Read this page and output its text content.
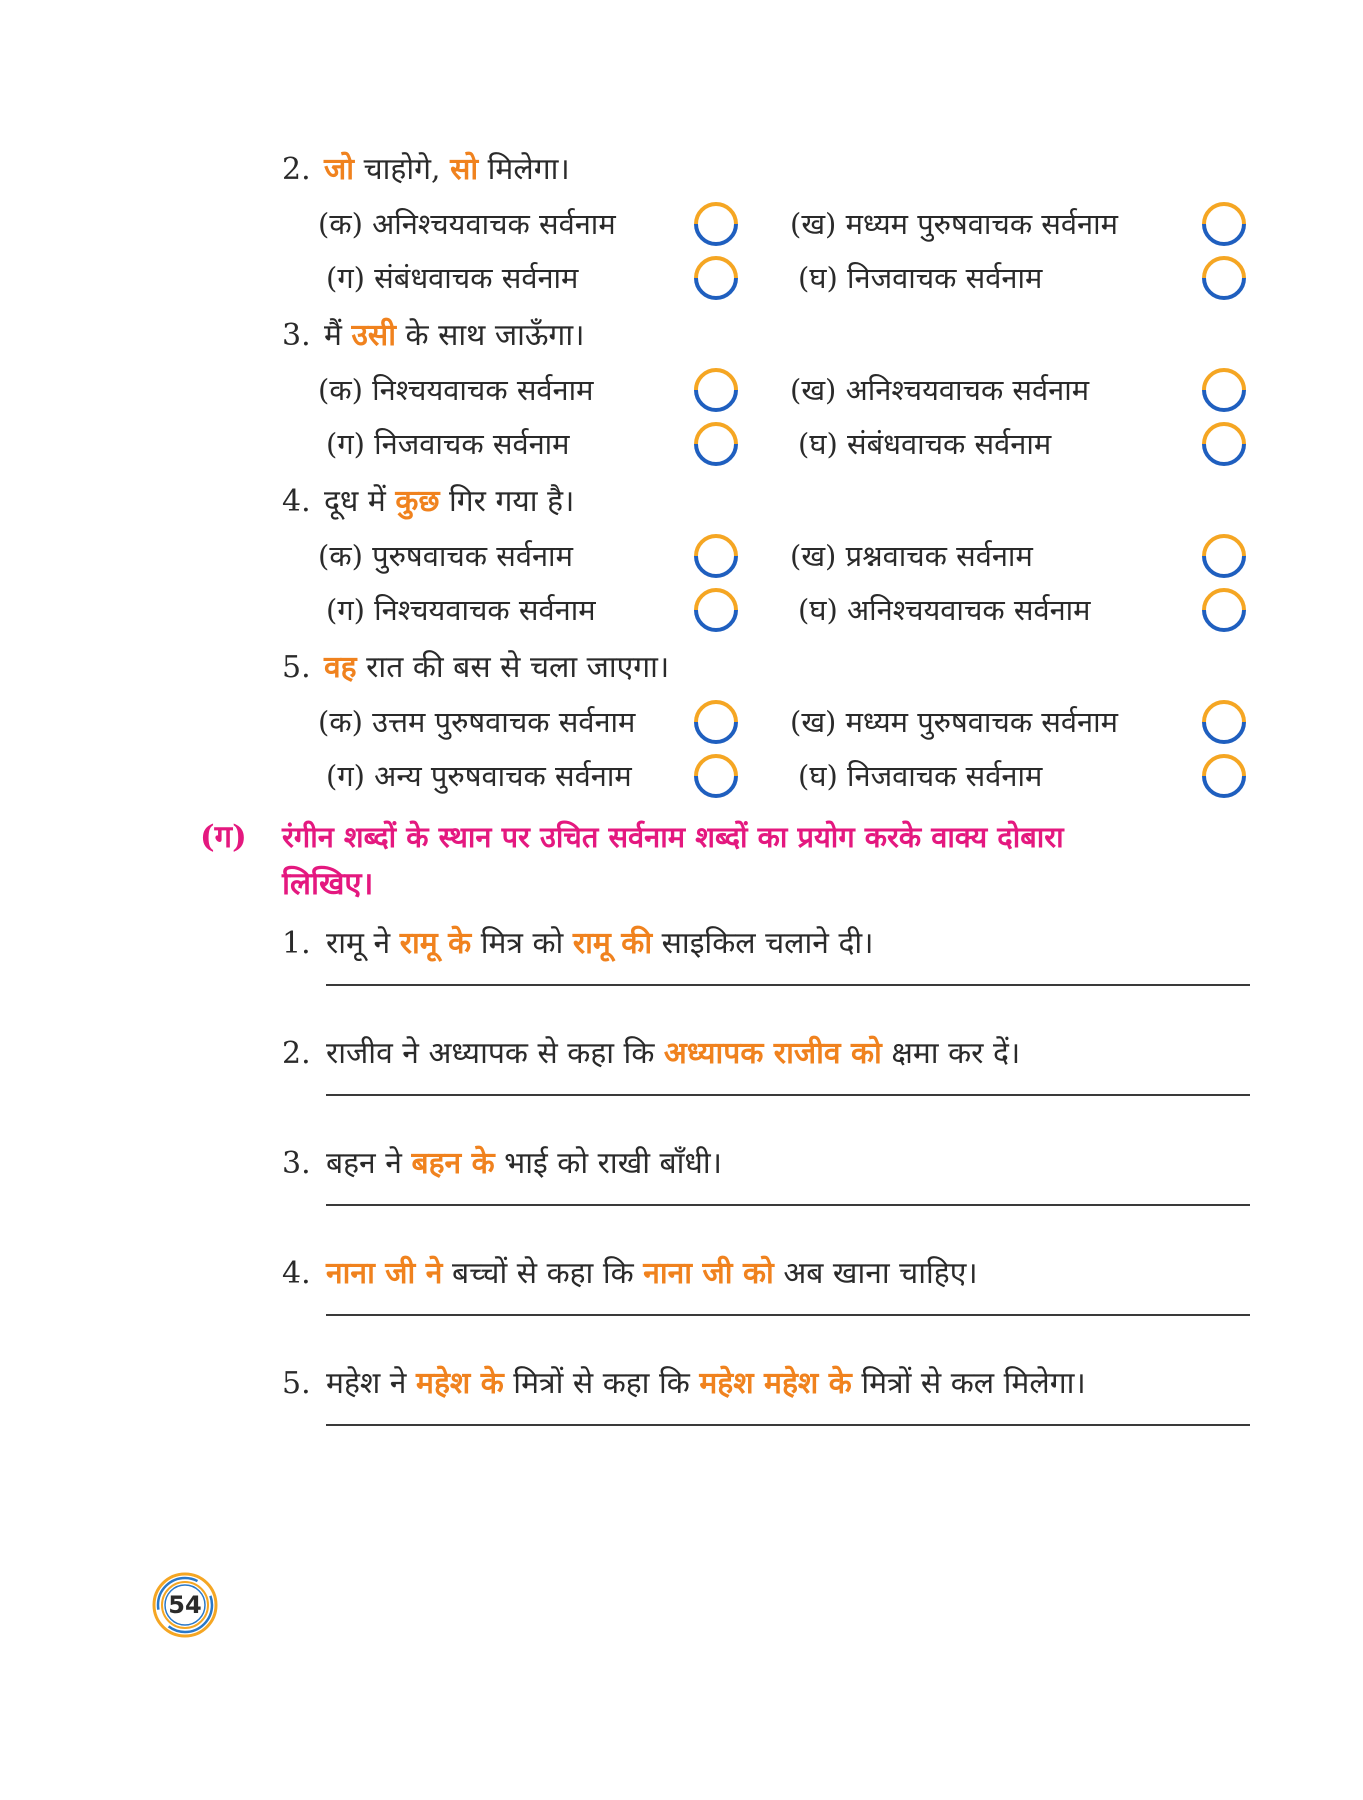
2. जो चाहोगे, सो मिलेगा।
(क) अनिश्चयवाचक सर्वनाम	(ख) मध्यम पुरुषवाचक सर्वनाम
(ग) संबंधवाचक सर्वनाम	(घ) निजवाचक सर्वनाम
3. मैं उसी के साथ जाऊँगा।
(क) निश्चयवाचक सर्वनाम	(ख) अनिश्चयवाचक सर्वनाम
(ग) निजवाचक सर्वनाम	(घ) संबंधवाचक सर्वनाम
4. दूध में कुछ गिर गया है।
(क) पुरुषवाचक सर्वनाम	(ख) प्रश्नवाचक सर्वनाम
(ग) निश्चयवाचक सर्वनाम	(घ) अनिश्चयवाचक सर्वनाम
5. वह रात की बस से चला जाएगा।
(क) उत्तम पुरुषवाचक सर्वनाम	(ख) मध्यम पुरुषवाचक सर्वनाम
(ग) अन्य पुरुषवाचक सर्वनाम	(घ) निजवाचक सर्वनाम
(ग) रंगीन शब्दों के स्थान पर उचित सर्वनाम शब्दों का प्रयोग करके वाक्य दोबारा
लिखिए।
1. रामू ने रामू के मित्र को रामू की साइकिल चलाने दी।
2. राजीव ने अध्यापक से कहा कि अध्यापक राजीव को क्षमा कर दें।
3. बहन ने बहन के भाई को राखी बाँधी।
4. नाना जी ने बच्चों से कहा कि नाना जी को अब खाना चाहिए।
5. महेश ने महेश के मित्रों से कहा कि महेश महेश के मित्रों से कल मिलेगा।
54
